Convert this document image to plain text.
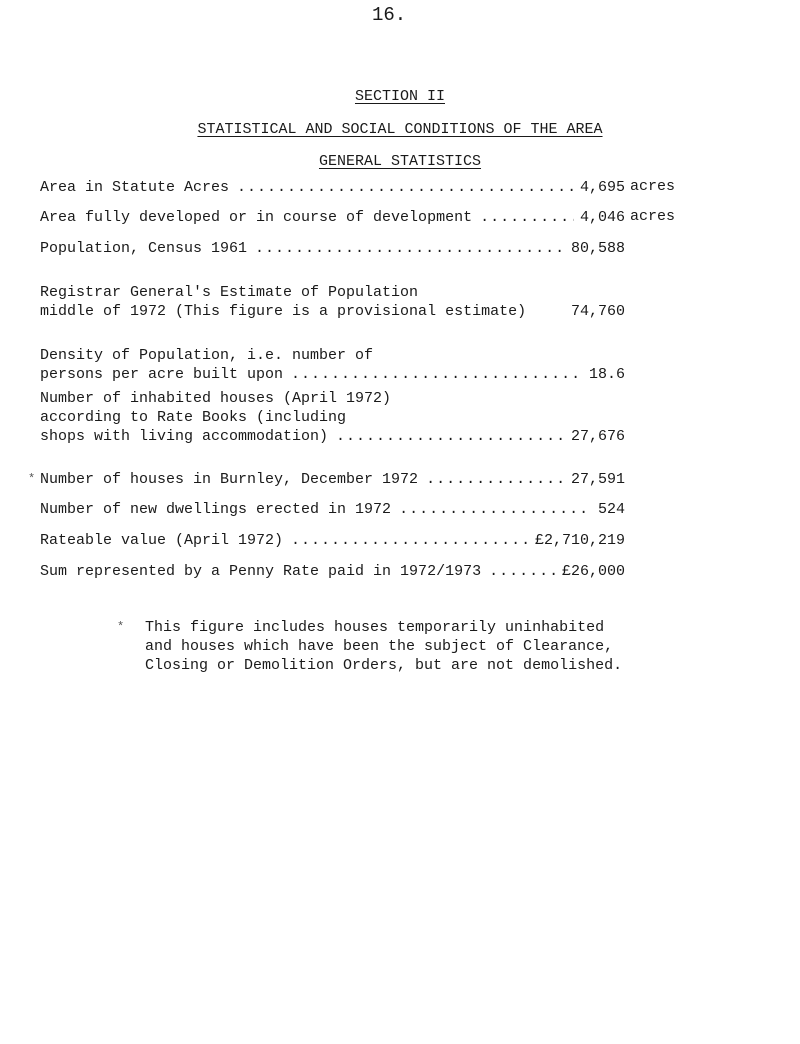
16.
SECTION II
STATISTICAL AND SOCIAL CONDITIONS OF THE AREA
GENERAL STATISTICS
Area in Statute Acres .....	4,695 acres
Area fully developed or in course of development .....	4,046 acres
Population, Census 1961 .....	80,588
Registrar General's Estimate of Population
middle of 1972 (This figure is a provisional estimate)	74,760
Density of Population, i.e. number of
persons per acre built upon .....	18.6
Number of inhabited houses (April 1972)
according to Rate Books (including
shops with living accommodation) .....	27,676
Number of houses in Burnley, December 1972 .....	27,591
*
Number of new dwellings erected in 1972 .....	524
Rateable value (April 1972) .....	£2,710,219
Sum represented by a Penny Rate paid in 1972/1973 .....	£26,000
* This figure includes houses temporarily uninhabited
and houses which have been the subject of Clearance,
Closing or Demolition Orders, but are not demolished.
